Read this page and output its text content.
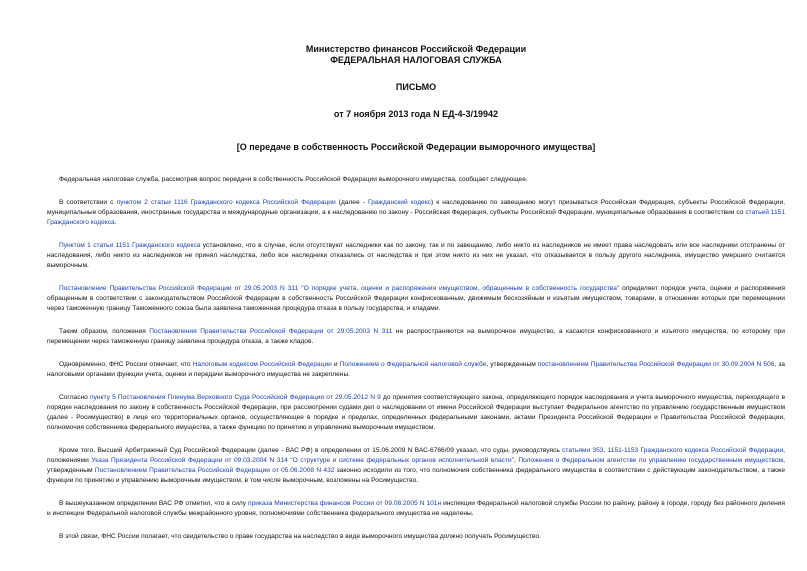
Министерство финансов Российской Федерации
ФЕДЕРАЛЬНАЯ НАЛОГОВАЯ СЛУЖБА
ПИСЬМО
от 7 ноября 2013 года N ЕД-4-3/19942
[О передаче в собственность Российской Федерации выморочного имущества]

Федеральная налоговая служба, рассмотрев вопрос передачи в собственность Российской Федерации выморочного имущества, сообщает следующее.

В соответствии с пунктом 2 статьи 1116 Гражданского кодекса Российской Федерации (далее - Гражданский кодекс) к наследованию по завещанию могут призываться Российская Федерация, субъекты Российской Федерации, муниципальные образования, иностранные государства и международные организации, а к наследованию по закону - Российская Федерация, субъекты Российской Федерации, муниципальные образования в соответствии со статьей 1151 Гражданского кодекса.

Пунктом 1 статьи 1151 Гражданского кодекса установлено, что в случае, если отсутствуют наследники как по закону, так и по завещанию, либо никто из наследников не имеет права наследовать или все наследники отстранены от наследования, либо никто из наследников не принял наследства, либо все наследники отказались от наследства и при этом никто из них не указал, что отказывается в пользу другого наследника, имущество умершего считается выморочным.

Постановление Правительства Российской Федерации от 29.05.2003 N 311 "О порядке учета, оценки и распоряжения имуществом, обращенным в собственность государства" определяет порядок учета, оценки и распоряжения обращенным в соответствии с законодательством Российской Федерации в собственность Российской Федерации конфискованным, движимым бесхозяйным и изъятым имуществом, товарами, в отношении которых при перемещении через таможенную границу Таможенного союза была заявлена таможенная процедура отказа в пользу государства, и кладами.

Таким образом, положения Постановления Правительства Российской Федерации от 29.05.2003 N 311 не распространяются на выморочное имущество, а касаются конфискованного и изъятого имущества, по которому при перемещении через таможенную границу заявлена процедура отказа, а также кладов.

Одновременно, ФНС России отмечает, что Налоговым кодексом Российской Федерации и Положением о Федеральной налоговой службе, утвержденным постановлением Правительства Российской Федерации от 30.09.2004 N 506, за налоговыми органами функции учета, оценки и передачи выморочного имущества не закреплены.

Согласно пункту 5 Постановления Пленума Верховного Суда Российской Федерации от 29.05.2012 N 9 до принятия соответствующего закона, определяющего порядок наследования и учета выморочного имущества, переходящего в порядке наследования по закону в собственность Российской Федерации, при рассмотрении судами дел о наследовании от имени Российской Федерации выступает Федеральное агентство по управлению государственным имуществом (далее - Росимущество) в лице его территориальных органов, осуществляющее в порядке и пределах, определенных федеральными законами, актами Президента Российской Федерации и Правительства Российской Федерации, полномочия собственника федерального имущества, а также функцию по принятию и управлению выморочным имуществом.

Кроме того, Высший Арбитражный Суд Российской Федерации (далее - ВАС РФ) в определении от 15.06.2009 N ВАС-6766/09 указал, что суды, руководствуясь статьями 353, 1151-1153 Гражданского кодекса Российской Федерации, положениями Указа Президента Российской Федерации от 09.03.2004 N 314 "О структуре и системе федеральных органов исполнительной власти", Положения о Федеральном агентстве по управлению государственным имуществом, утвержденным Постановлением Правительства Российской Федерации от 05.06.2008 N 432 законно исходили из того, что полномочия собственника федерального имущества в соответствии с действующим законодательством, а также функции по принятию и управлению выморочным имуществом, в том числе выморочным, возложены на Росимущество.

В вышеуказанном определении ВАС РФ отметил, что в силу приказа Министерства финансов России от 09.08.2005 N 101н инспекции Федеральной налоговой службы России по району, району в городе, городу без районного деления и инспекции Федеральной налоговой службы межрайонного уровня, полномочиями собственника федерального имущества не наделены.

В этой связи, ФНС России полагает, что свидетельство о праве государства на наследство в виде выморочного имущества должно получать Росимущество.
